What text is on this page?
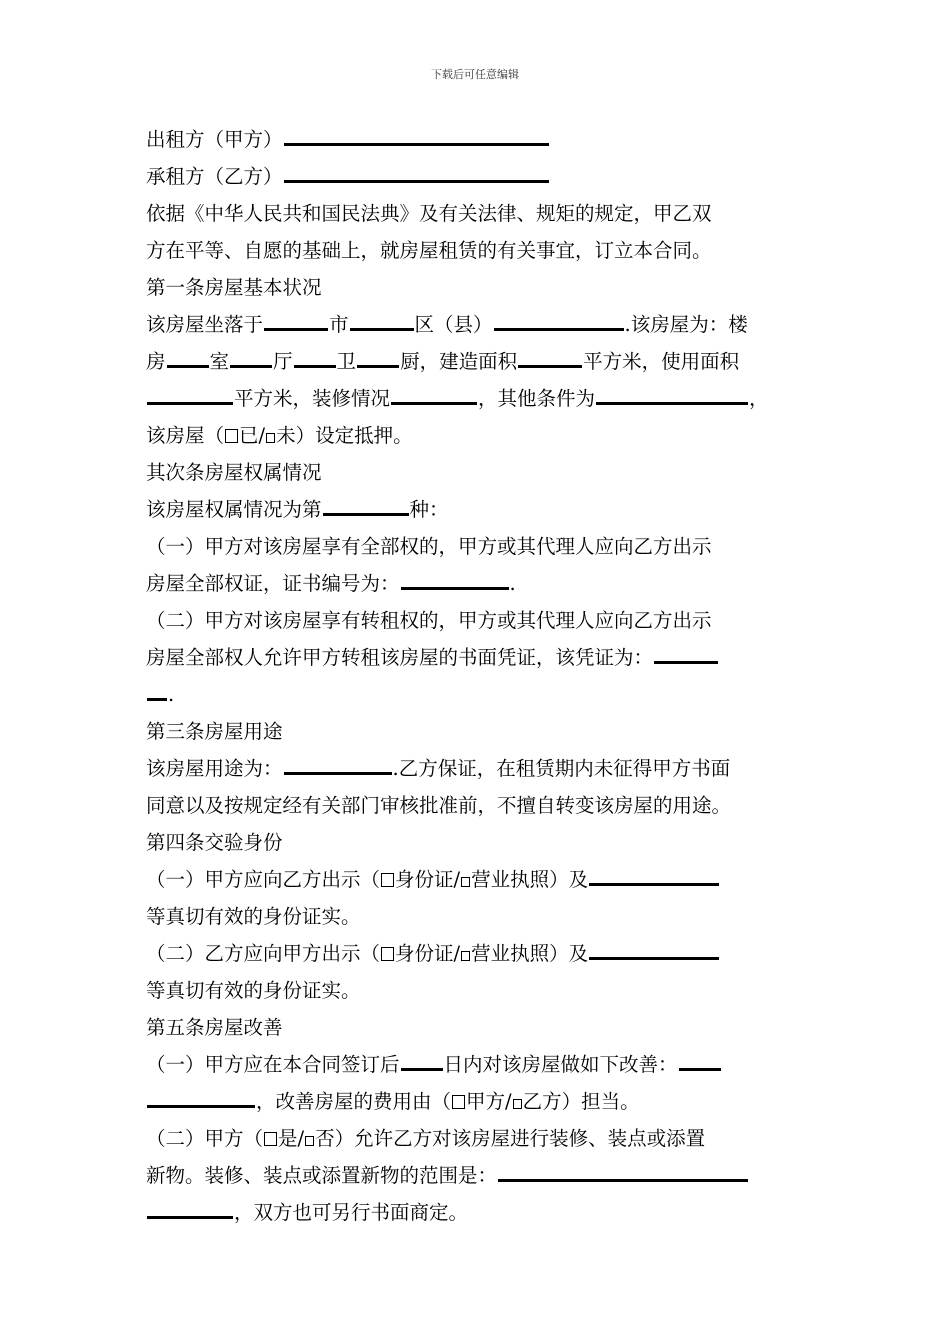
下载后可任意编辑
出租方（甲方）
承租方（乙方）
依据《中华人民共和国民法典》及有关法律、规矩的规定，甲乙双
方在平等、自愿的基础上，就房屋租赁的有关事宜，订立本合同。
第一条房屋基本状况
该房屋坐落于	市	区（县）	.该房屋为：楼
房 室 厅 卫 厨，建造面积	平方米，使用面积
平方米，装修情况	，其他条件为	，
该房屋（ 已/ 未）设定抵押。
其次条房屋权属情况
该房屋权属情况为第	种：
（一）甲方对该房屋享有全部权的，甲方或其代理人应向乙方出示
房屋全部权证，证书编号为：	.
（二）甲方对该房屋享有转租权的，甲方或其代理人应向乙方出示
房屋全部权人允许甲方转租该房屋的书面凭证，该凭证为：
.
第三条房屋用途
该房屋用途为：	.乙方保证，在租赁期内未征得甲方书面
同意以及按规定经有关部门审核批准前，不擅自转变该房屋的用途。
第四条交验身份
（一）甲方应向乙方出示（ 身份证/ 营业执照）及
等真切有效的身份证实。
（二）乙方应向甲方出示（ 身份证/ 营业执照）及
等真切有效的身份证实。
第五条房屋改善
（一）甲方应在本合同签订后 日内对该房屋做如下改善：
，改善房屋的费用由（ 甲方/ 乙方）担当。
（二）甲方（ 是/ 否）允许乙方对该房屋进行装修、装点或添置
新物。装修、装点或添置新物的范围是：
，双方也可另行书面商定。
